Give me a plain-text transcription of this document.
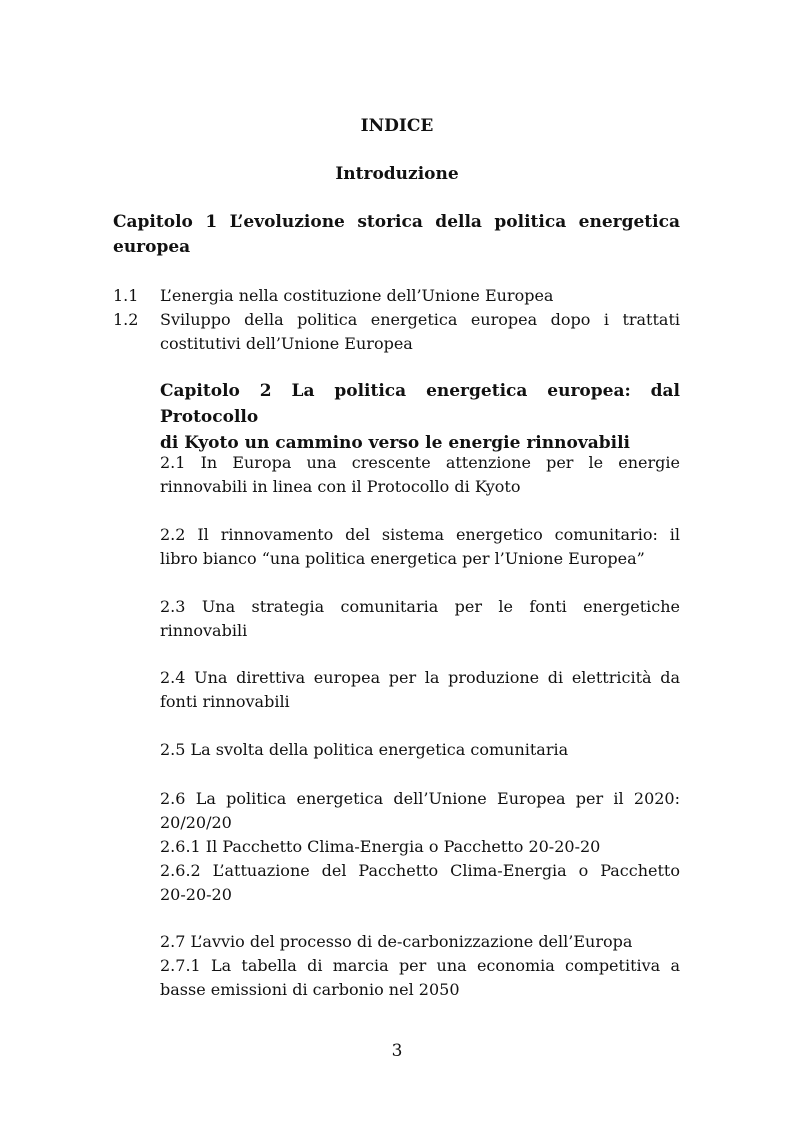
INDICE
Introduzione
Capitolo 1 L’evoluzione storica della politica energetica
europea
1.1 L’energia nella costituzione dell’Unione Europea
1.2 Sviluppo della politica energetica europea dopo i trattati
costitutivi dell’Unione Europea
Capitolo 2 La politica energetica europea: dal Protocollo
di Kyoto un cammino verso le energie rinnovabili
2.1 In Europa una crescente attenzione per le energie
rinnovabili in linea con il Protocollo di Kyoto
2.2 Il rinnovamento del sistema energetico comunitario: il
libro bianco “una politica energetica per l’Unione Europea”
2.3 Una strategia comunitaria per le fonti energetiche
rinnovabili
2.4 Una direttiva europea per la produzione di elettricità da
fonti rinnovabili
2.5 La svolta della politica energetica comunitaria
2.6 La politica energetica dell’Unione Europea per il 2020:
20/20/20
2.6.1 Il Pacchetto Clima-Energia o Pacchetto 20-20-20
2.6.2 L’attuazione del Pacchetto Clima-Energia o Pacchetto
20-20-20
2.7 L’avvio del processo di de-carbonizzazione dell’Europa
2.7.1 La tabella di marcia per una economia competitiva a
basse emissioni di carbonio nel 2050
3
